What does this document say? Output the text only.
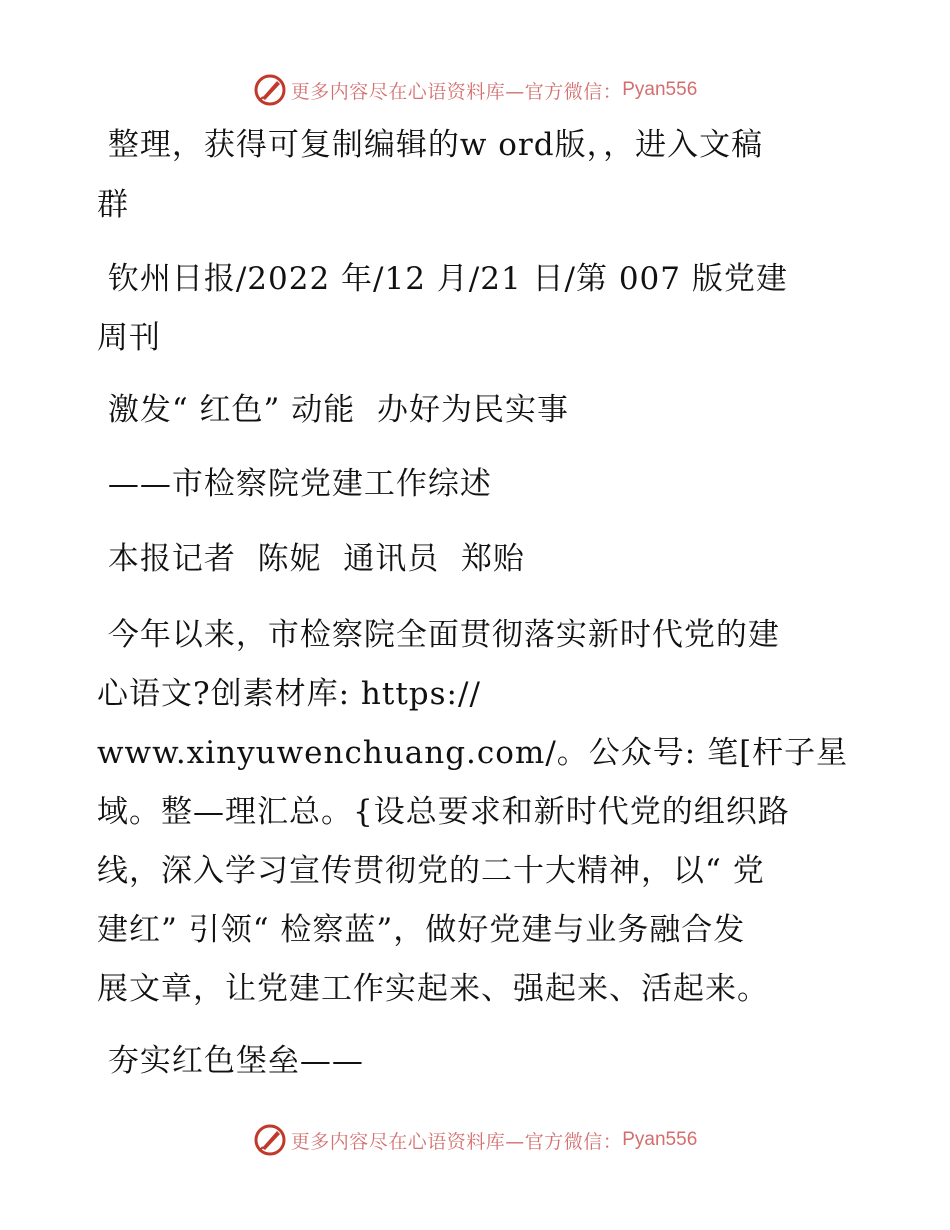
更多内容尽在心语资料库—官方微信： Pyan556
整理，获得可复制编辑的w ord版，，进入文稿
群
钦州日报/2022 年/12 月/21 日/第 007 版党建
周刊
激发“ 红色” 动能  办好为民实事
——市检察院党建工作综述
本报记者  陈妮  通讯员  郑贻
今年以来，市检察院全面贯彻落实新时代党的建
心语文?创素材库: https://
www.xinyuwenchuang.com/。公众号: 笔[杆子星
域。整—理汇总。{设总要求和新时代党的组织路
线，深入学习宣传贯彻党的二十大精神，以“ 党
建红” 引领“ 检察蓝”，做好党建与业务融合发
展文章，让党建工作实起来、强起来、活起来。
夯实红色堡垒——
更多内容尽在心语资料库—官方微信： Pyan556
